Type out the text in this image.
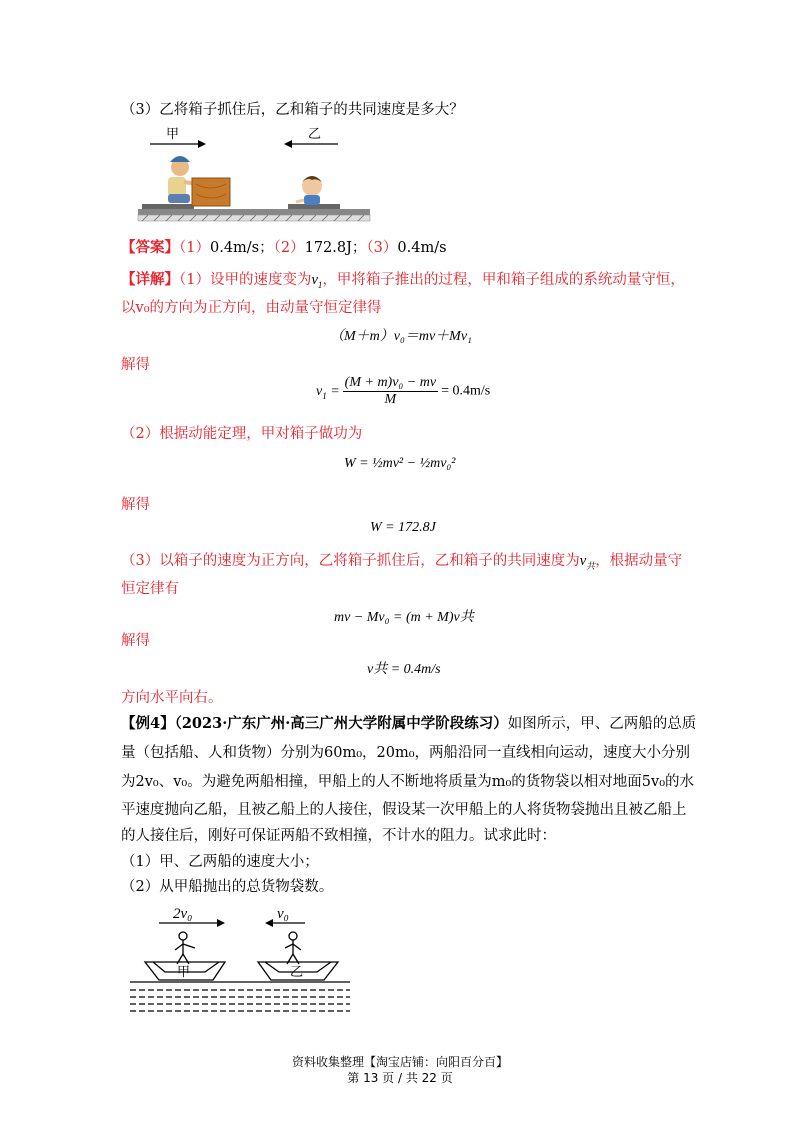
（3）乙将箱子抓住后，乙和箱子的共同速度是多大？
甲	乙
【答案】（1）0.4m/s；（2）172.8J；（3）0.4m/s
【详解】（1）设甲的速度变为$v_1$，甲将箱子推出的过程，甲和箱子组成的系统动量守恒，
以v₀的方向为正方向，由动量守恒定律得
（M＋m）v₀＝mv＋Mv₁
解得
$v_1 = \frac{\text{(M + m)v₀ − mv}}{M} = 0.4m/s$
（2）根据动能定理，甲对箱子做功为
W = ½mv² − ½mv₀²
解得
W = 172.8J
（3）以箱子的速度为正方向，乙将箱子抓住后，乙和箱子的共同速度为$v_共$，根据动量守
恒定律有
mv − Mv₀ = (m + M)v共
解得
v共 = 0.4m/s
方向水平向右。
【例4】（2023·广东广州·高三广州大学附属中学阶段练习）如图所示，甲、乙两船的总质
量（包括船、人和货物）分别为60m₀，20m₀，两船沿同一直线相向运动，速度大小分别
为2v₀、v₀。为避免两船相撞，甲船上的人不断地将质量为m₀的货物袋以相对地面5v₀的水
平速度抛向乙船，且被乙船上的人接住，假设某一次甲船上的人将货物袋抛出且被乙船上
的人接住后，刚好可保证两船不致相撞，不计水的阻力。试求此时：
（1）甲、乙两船的速度大小；
（2）从甲船抛出的总货物袋数。
2v₀	v₀
甲	乙
资料收集整理【淘宝店铺：向阳百分百】
第 13 页 / 共 22 页
